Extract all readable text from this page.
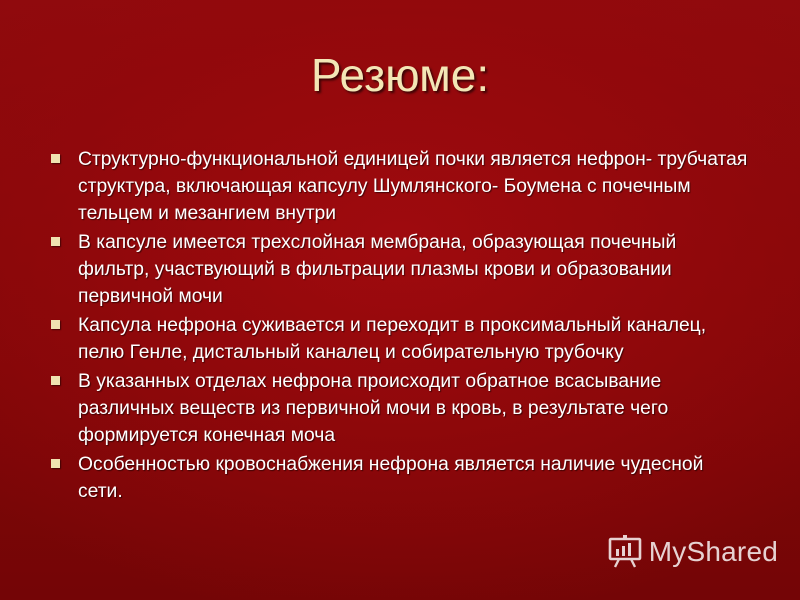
Резюме:
Структурно-функциональной единицей почки является нефрон- трубчатая структура, включающая капсулу Шумлянского- Боумена с почечным тельцем и мезангием внутри
В капсуле имеется трехслойная мембрана, образующая почечный фильтр, участвующий в фильтрации плазмы крови и образовании первичной мочи
Капсула нефрона суживается и переходит в проксимальный каналец, пелю Генле, дистальный каналец и собирательную трубочку
В указанных отделах нефрона происходит обратное всасывание различных веществ из первичной мочи в кровь, в результате чего формируется конечная моча
Особенностью кровоснабжения нефрона является наличие чудесной сети.
MyShared
